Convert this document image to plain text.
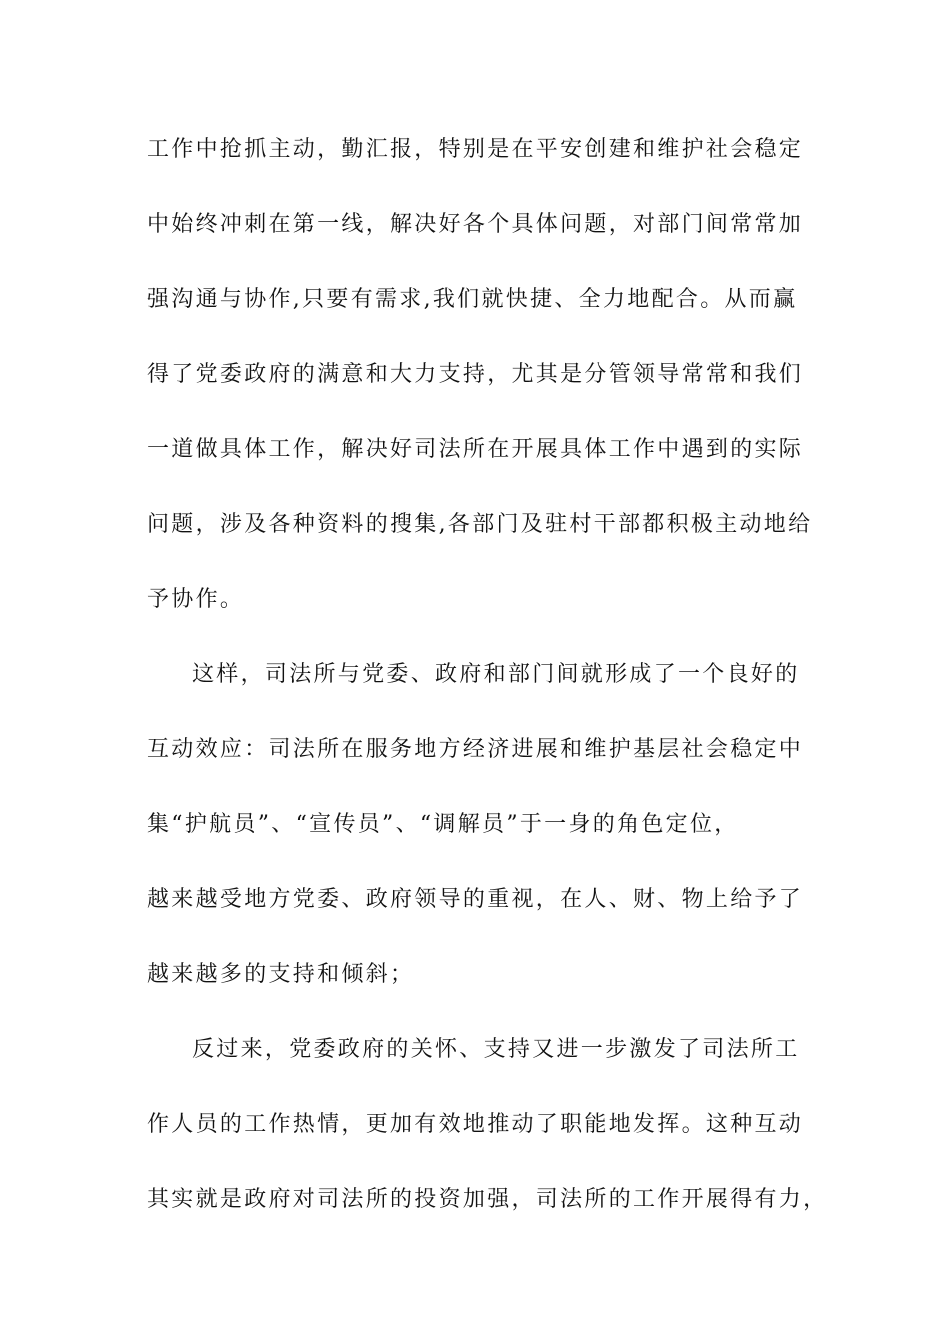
工作中抢抓主动，勤汇报，特别是在平安创建和维护社会稳定
中始终冲刺在第一线，解决好各个具体问题，对部门间常常加
强沟通与协作,只要有需求,我们就快捷、全力地配合。从而赢
得了党委政府的满意和大力支持，尤其是分管领导常常和我们
一道做具体工作，解决好司法所在开展具体工作中遇到的实际
问题，涉及各种资料的搜集,各部门及驻村干部都积极主动地给
予协作。
这样，司法所与党委、政府和部门间就形成了一个良好的
互动效应：司法所在服务地方经济进展和维护基层社会稳定中
集“护航员”、“宣传员”、“调解员”于一身的角色定位，
越来越受地方党委、政府领导的重视，在人、财、物上给予了
越来越多的支持和倾斜；
反过来，党委政府的关怀、支持又进一步激发了司法所工
作人员的工作热情，更加有效地推动了职能地发挥。这种互动
其实就是政府对司法所的投资加强，司法所的工作开展得有力，
